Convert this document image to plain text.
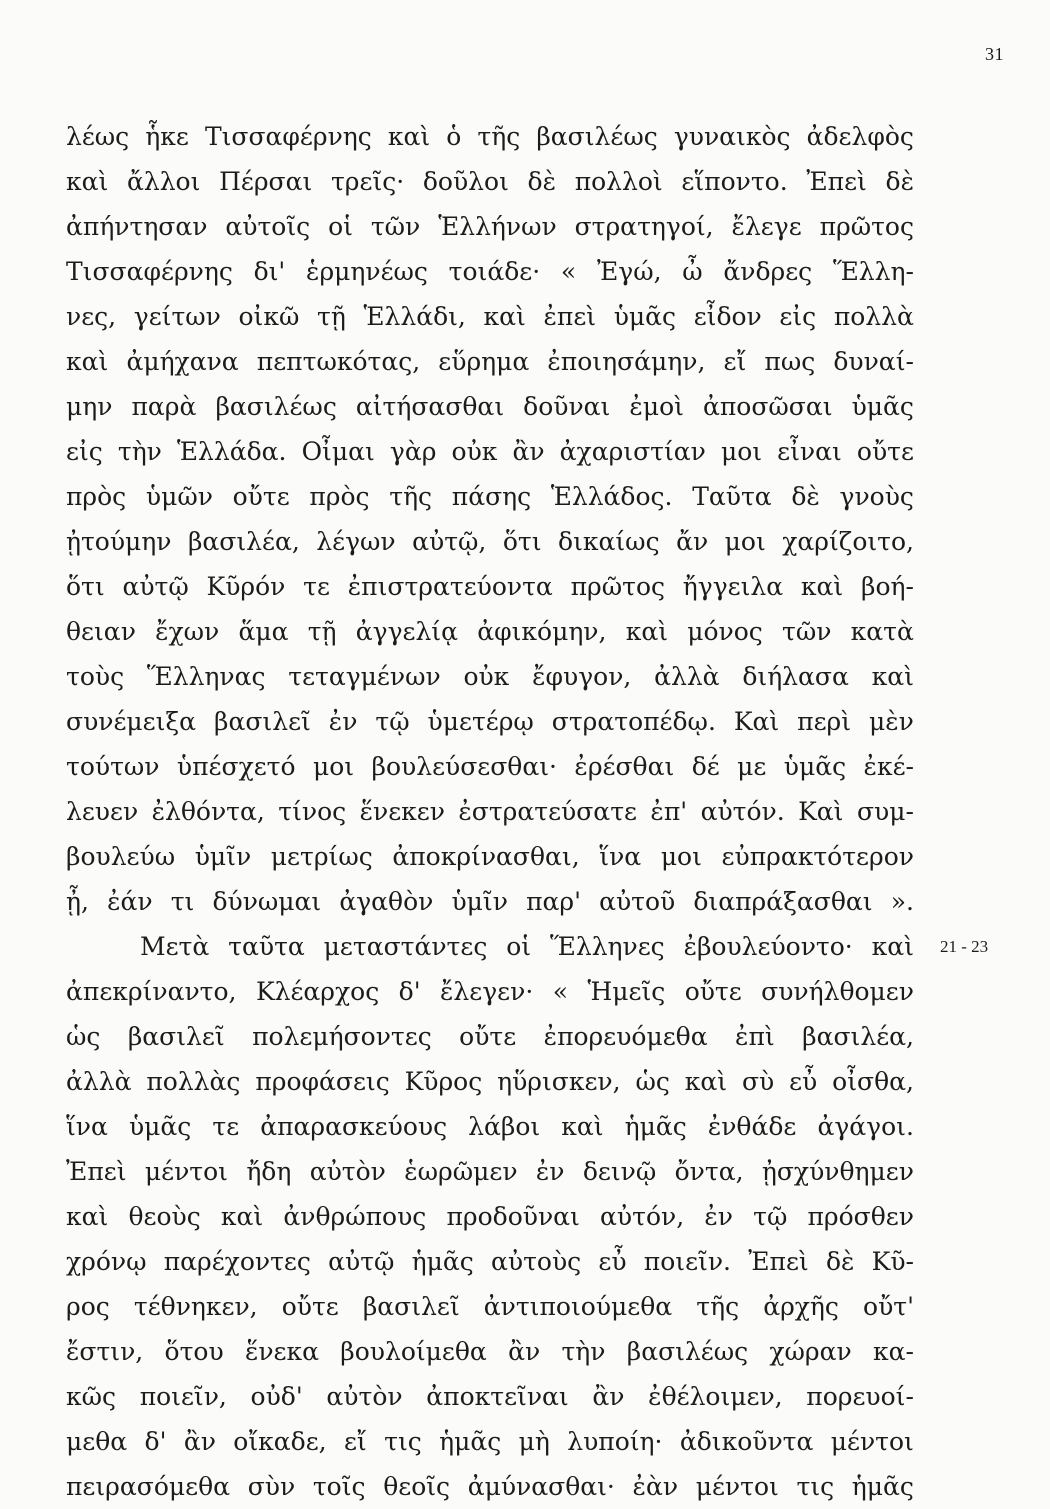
31
λέως ἧκε Τισσαφέρνης καὶ ὁ τῆς βασιλέως γυναικὸς ἀδελφὸς
καὶ ἄλλοι Πέρσαι τρεῖς· δοῦλοι δὲ πολλοὶ εἵποντο. Ἐπεὶ δὲ
ἀπήντησαν αὐτοῖς οἱ τῶν Ἑλλήνων στρατηγοί, ἔλεγε πρῶτος
Τισσαφέρνης δι' ἑρμηνέως τοιάδε· « Ἐγώ, ὦ ἄνδρες Ἕλλη-
νες, γείτων οἰκῶ τῇ Ἑλλάδι, καὶ ἐπεὶ ὑμᾶς εἶδον εἰς πολλὰ
καὶ ἀμήχανα πεπτωκότας, εὕρημα ἐποιησάμην, εἴ πως δυναί-
μην παρὰ βασιλέως αἰτήσασθαι δοῦναι ἐμοὶ ἀποσῶσαι ὑμᾶς
εἰς τὴν Ἑλλάδα. Οἶμαι γὰρ οὐκ ἂν ἀχαριστίαν μοι εἶναι οὔτε
πρὸς ὑμῶν οὔτε πρὸς τῆς πάσης Ἑλλάδος. Ταῦτα δὲ γνοὺς
ᾐτούμην βασιλέα, λέγων αὐτῷ, ὅτι δικαίως ἄν μοι χαρίζοιτο,
ὅτι αὐτῷ Κῦρόν τε ἐπιστρατεύοντα πρῶτος ἤγγειλα καὶ βοή-
θειαν ἔχων ἅμα τῇ ἀγγελίᾳ ἀφικόμην, καὶ μόνος τῶν κατὰ
τοὺς Ἕλληνας τεταγμένων οὐκ ἔφυγον, ἀλλὰ διήλασα καὶ
συνέμειξα βασιλεῖ ἐν τῷ ὑμετέρῳ στρατοπέδῳ. Καὶ περὶ μὲν
τούτων ὑπέσχετό μοι βουλεύσεσθαι· ἐρέσθαι δέ με ὑμᾶς ἐκέ-
λευεν ἐλθόντα, τίνος ἕνεκεν ἐστρατεύσατε ἐπ' αὐτόν. Καὶ συμ-
βουλεύω ὑμῖν μετρίως ἀποκρίνασθαι, ἵνα μοι εὐπρακτότερον
ᾖ, ἐάν τι δύνωμαι ἀγαθὸν ὑμῖν παρ' αὐτοῦ διαπράξασθαι ».
Μετὰ ταῦτα μεταστάντες οἱ Ἕλληνες ἐβουλεύοντο· καὶ
ἀπεκρίναντο, Κλέαρχος δ' ἔλεγεν· « Ἡμεῖς οὔτε συνήλθομεν
ὡς βασιλεῖ πολεμήσοντες οὔτε ἐπορευόμεθα ἐπὶ βασιλέα,
ἀλλὰ πολλὰς προφάσεις Κῦρος ηὕρισκεν, ὡς καὶ σὺ εὖ οἶσθα,
ἵνα ὑμᾶς τε ἀπαρασκεύους λάβοι καὶ ἡμᾶς ἐνθάδε ἀγάγοι.
Ἐπεὶ μέντοι ἤδη αὐτὸν ἑωρῶμεν ἐν δεινῷ ὄντα, ᾐσχύνθημεν
καὶ θεοὺς καὶ ἀνθρώπους προδοῦναι αὐτόν, ἐν τῷ πρόσθεν
χρόνῳ παρέχοντες αὐτῷ ἡμᾶς αὐτοὺς εὖ ποιεῖν. Ἐπεὶ δὲ Κῦ-
ρος τέθνηκεν, οὔτε βασιλεῖ ἀντιποιούμεθα τῆς ἀρχῆς οὔτ'
ἔστιν, ὅτου ἕνεκα βουλοίμεθα ἂν τὴν βασιλέως χώραν κα-
κῶς ποιεῖν, οὐδ' αὐτὸν ἀποκτεῖναι ἂν ἐθέλοιμεν, πορευοί-
μεθα δ' ἂν οἴκαδε, εἴ τις ἡμᾶς μὴ λυποίη· ἀδικοῦντα μέντοι
πειρασόμεθα σὺν τοῖς θεοῖς ἀμύνασθαι· ἐὰν μέντοι τις ἡμᾶς
21 - 23
